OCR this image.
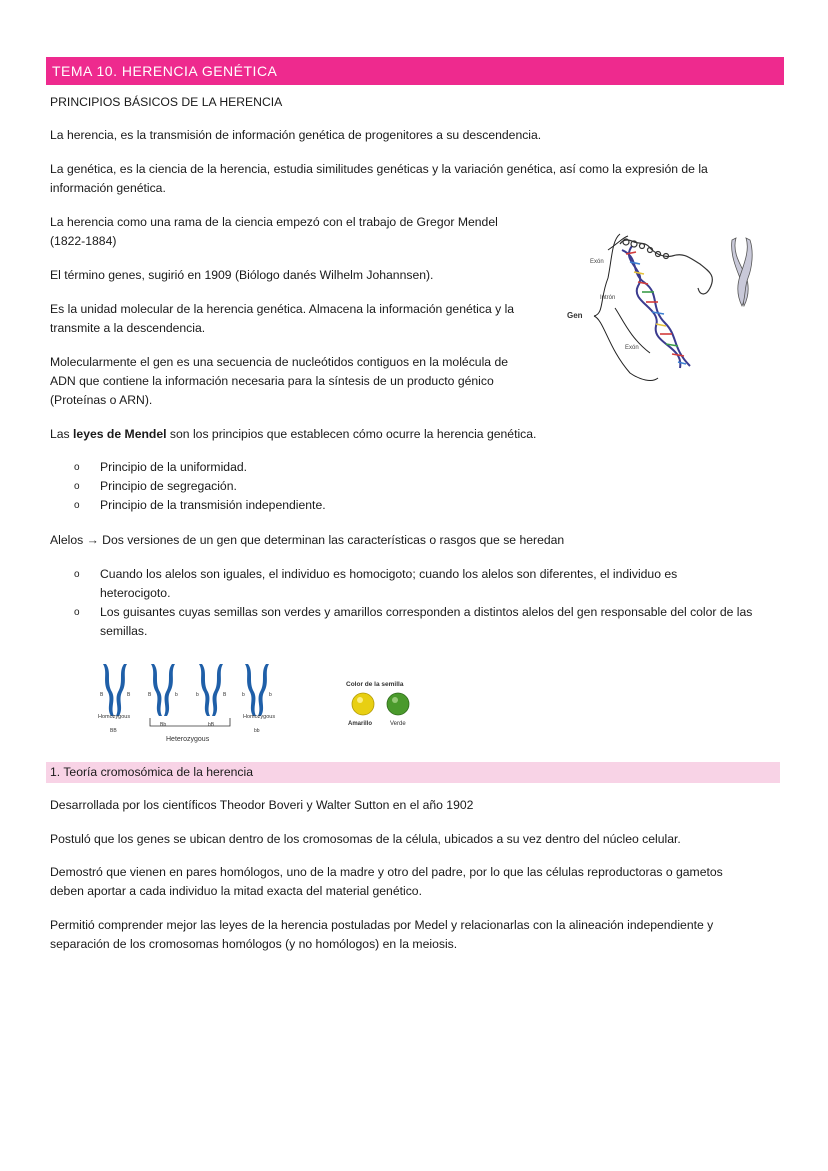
TEMA 10. HERENCIA GENÉTICA
PRINCIPIOS BÁSICOS DE LA HERENCIA
La herencia, es la transmisión de información genética de progenitores a su descendencia.
La genética, es la ciencia de la herencia, estudia similitudes genéticas y la variación genética, así como la expresión de la
información genética.
La herencia como una rama de la ciencia empezó con el trabajo de Gregor Mendel
(1822-1884)
El término genes, sugirió en 1909 (Biólogo danés Wilhelm Johannsen).
Es la unidad molecular de la herencia genética. Almacena la información genética y la
transmite a la descendencia.
Molecularmente el gen es una secuencia de nucleótidos contiguos en la molécula de
ADN que contiene la información necesaria para la síntesis de un producto génico
(Proteínas o ARN).
Gen
Exón
Intrón
Exón
Las leyes de Mendel son los principios que establecen cómo ocurre la herencia genética.
o Principio de la uniformidad.
o Principio de segregación.
o Principio de la transmisión independiente.
Alelos → Dos versiones de un gen que determinan las características o rasgos que se heredan
o Cuando los alelos son iguales, el individuo es homocigoto; cuando los alelos son diferentes, el individuo es
heterocigoto.
o Los guisantes cuyas semillas son verdes y amarillos corresponden a distintos alelos del gen responsable del color de las
semillas.
B	B	B	b	b	B	b	b
Homozygous	Homozygous
BB
Bb	bB
bb
Heterozygous
Color de la semilla
Amarillo	Verde
1. Teoría cromosómica de la herencia
Desarrollada por los científicos Theodor Boveri y Walter Sutton en el año 1902
Postuló que los genes se ubican dentro de los cromosomas de la célula, ubicados a su vez dentro del núcleo celular.
Demostró que vienen en pares homólogos, uno de la madre y otro del padre, por lo que las células reproductoras o gametos
deben aportar a cada individuo la mitad exacta del material genético.
Permitió comprender mejor las leyes de la herencia postuladas por Medel y relacionarlas con la alineación independiente y
separación de los cromosomas homólogos (y no homólogos) en la meiosis.
